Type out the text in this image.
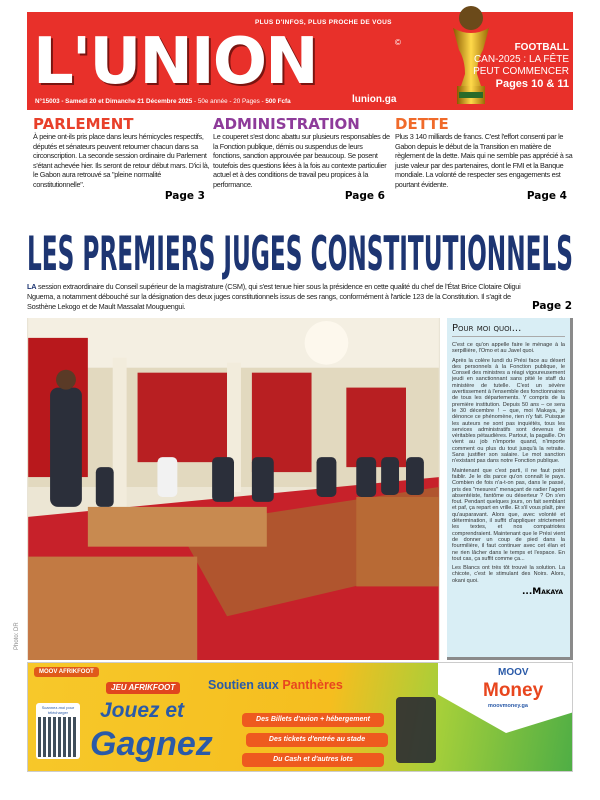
L'UNION
PLUS D'INFOS, PLUS PROCHE DE VOUS
©
N°15003 - Samedi 20 et Dimanche 21 Décembre 2025 - 50e année - 20 Pages - 500 Fcfa	lunion.ga
FOOTBALL
CAN-2025 : LA FÊTE PEUT COMMENCER
Pages 10 & 11
PARLEMENT

À peine ont-ils pris place dans leurs hémicycles respectifs, députés et sénateurs peuvent retourner chacun dans sa circonscription. La seconde session ordinaire du Parlement s'étant achevée hier. Ils seront de retour début mars. D'ici là, le Gabon aura retrouvé sa "pleine normalité constitutionnelle".

Page 3
ADMINISTRATION

Le couperet s'est donc abattu sur plusieurs responsables de la Fonction publique, démis ou suspendus de leurs fonctions, sanction approuvée par beaucoup. Se posent toutefois des questions liées à la fois au contexte particulier actuel et à des conditions de travail peu propices à la performance.

Page 6
DETTE

Plus 3 140 milliards de francs. C'est l'effort consenti par le Gabon depuis le début de la Transition en matière de règlement de la dette. Mais qui ne semble pas apprécié à sa juste valeur par des partenaires, dont le FMI et la Banque mondiale. La volonté de respecter ses engagements est pourtant évidente.

Page 4
LES PREMIERS JUGES CONSTITUTIONNELS
LA session extraordinaire du Conseil supérieur de la magistrature (CSM), qui s'est tenue hier sous la présidence en cette qualité du chef de l'État Brice Clotaire Oligui Nguema, a notamment débouché sur la désignation des deux juges constitutionnels issus de ses rangs, conformément à l'article 123 de la Constitution. Il s'agit de Sosthène Lekogo et de Mault Massalat Mouguengui.	Page 2
Photo: DR
Pour moi quoi...

C'est ce qu'on appelle faire le ménage à la serpillière, l'Omo et au Javel quoi.

Après la colère lundi du Prési face au désert des personnels à la Fonction publique, le Conseil des ministres a réagi vigoureusement jeudi en sanctionnant sans pitié le staff du ministère de tutelle. C'est un sévère avertissement à l'ensemble des fonctionnaires de tous les départements. Y compris de la première institution. Depuis 50 ans – ce sera le 30 décembre ! – que, moi Makaya, je dénonce ce phénomène, rien n'y fait. Puisque les auteurs ne sont pas inquiétés, tous les services administratifs sont devenus de véritables pétaudières. Partout, la pagaille. On vient au job n'importe quand, n'importe comment ou plus du tout jusqu'à la retraite. Sans justifier son salaire. Le mot sanction n'existant pas dans notre Fonction publique.

Maintenant que c'est parti, il ne faut point faiblir. Je le dis parce qu'on connaît le pays. Combien de fois n'a-t-on pas, dans le passé, pris des "mesures" menaçant de radier l'agent absentéiste, fantôme ou déserteur ? On s'en fout. Pendant quelques jours, on fait semblant et paf, ça repart en vrille. Et s'il vous plaît, pire qu'auparavant. Alors que, avec volonté et détermination, il suffit d'appliquer strictement les textes, et nos compatriotes comprendraient. Maintenant que le Prési vient de donner un coup de pied dans la fourmilière, il faut continuer avec cet élan et ne rien lâcher dans le temps et l'espace. En tout cas, ça suffit comme ça...

Les Blancs ont très tôt trouvé la solution. La chicote, c'est le stimulant des Noirs. Alors, okani quoi.

...Makaya
MOOV AFRIKFOOT
JEU AFRIKFOOT	Soutien aux Panthères
Scannez-moi pour télécharger	Jouez et
Gagnez
Des Billets d'avion + hébergement
Des tickets d'entrée au stade
Du Cash et d'autres lots
MOOV
Money
moovmoney.ga
